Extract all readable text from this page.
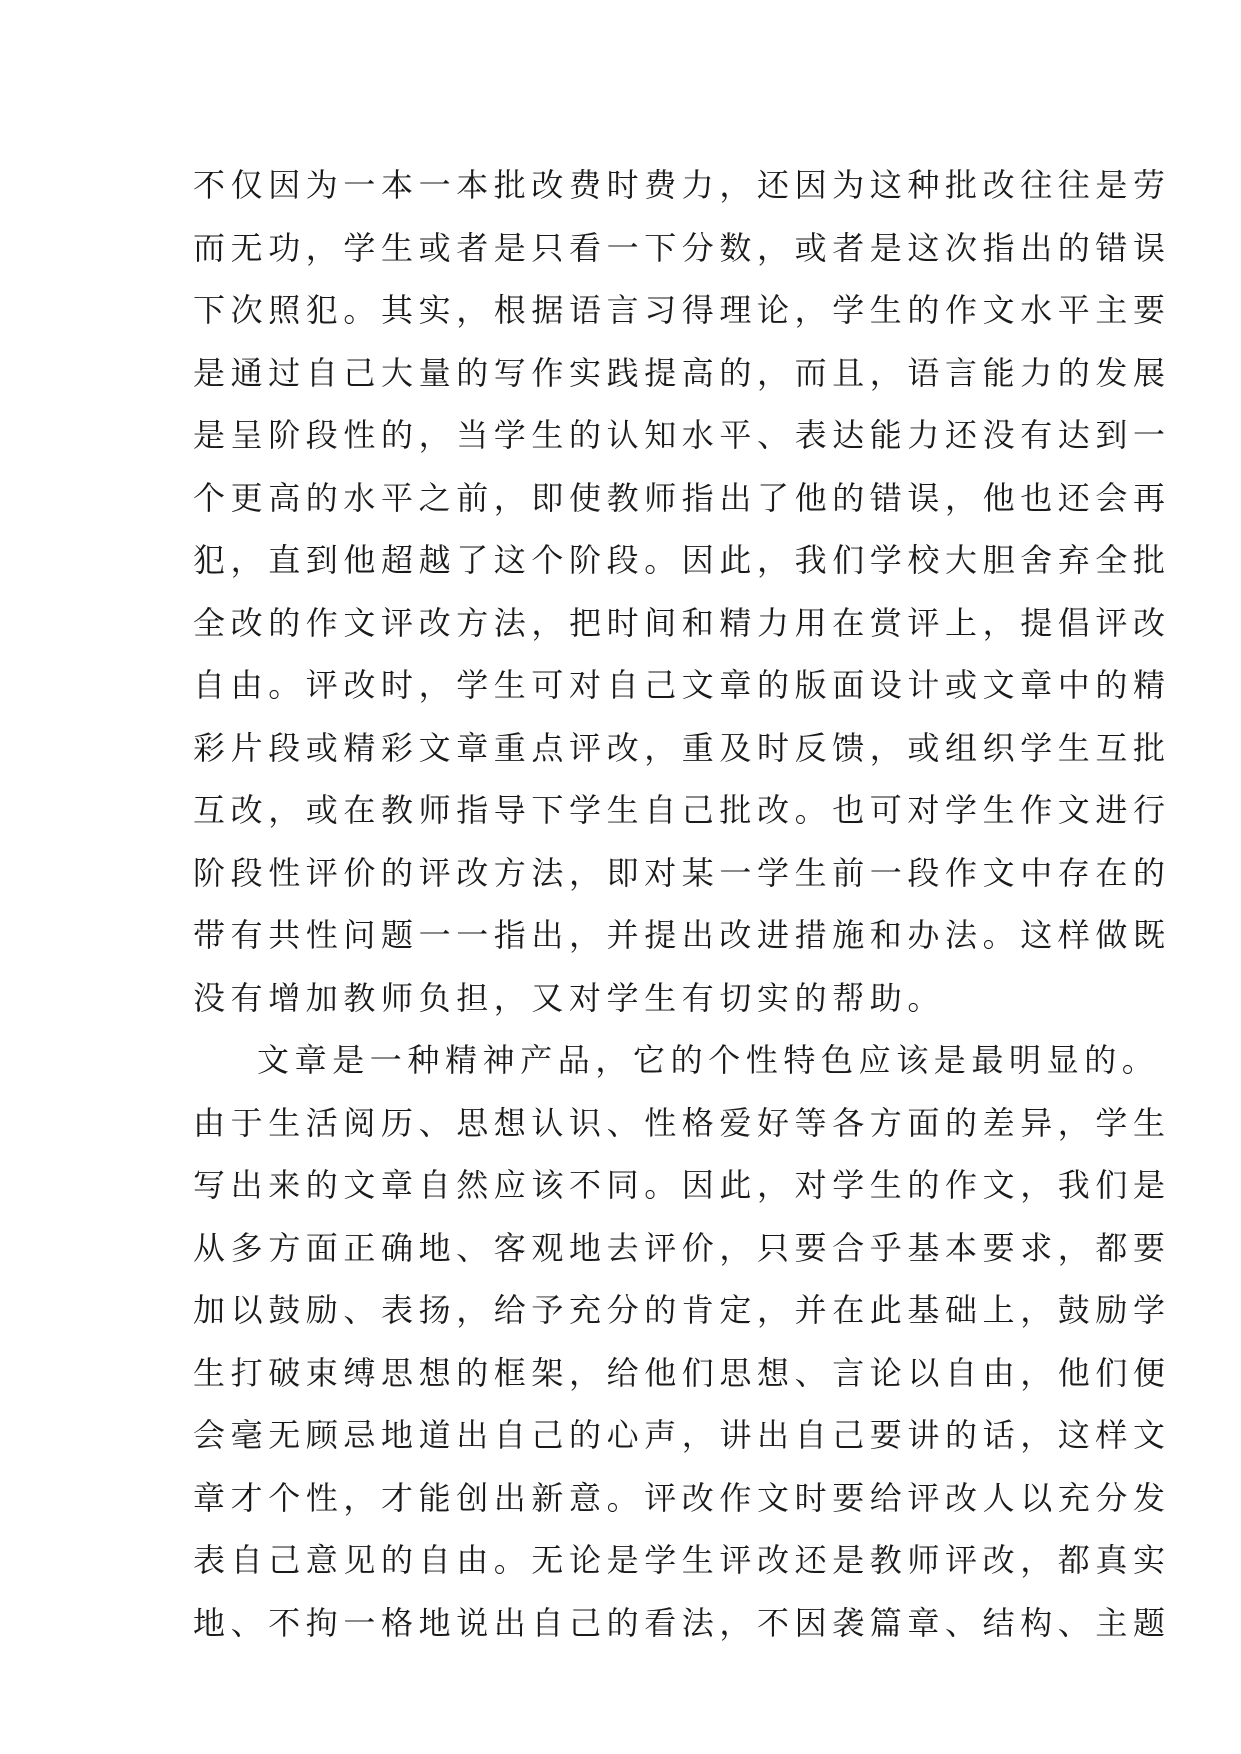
不仅因为一本一本批改费时费力，还因为这种批改往往是劳
而无功，学生或者是只看一下分数，或者是这次指出的错误
下次照犯。其实，根据语言习得理论，学生的作文水平主要
是通过自己大量的写作实践提高的，而且，语言能力的发展
是呈阶段性的，当学生的认知水平、表达能力还没有达到一
个更高的水平之前，即使教师指出了他的错误，他也还会再
犯，直到他超越了这个阶段。因此，我们学校大胆舍弃全批
全改的作文评改方法，把时间和精力用在赏评上，提倡评改
自由。评改时，学生可对自己文章的版面设计或文章中的精
彩片段或精彩文章重点评改，重及时反馈，或组织学生互批
互改，或在教师指导下学生自己批改。也可对学生作文进行
阶段性评价的评改方法，即对某一学生前一段作文中存在的
带有共性问题一一指出，并提出改进措施和办法。这样做既
没有增加教师负担，又对学生有切实的帮助。
文章是一种精神产品，它的个性特色应该是最明显的。
由于生活阅历、思想认识、性格爱好等各方面的差异，学生
写出来的文章自然应该不同。因此，对学生的作文，我们是
从多方面正确地、客观地去评价，只要合乎基本要求，都要
加以鼓励、表扬，给予充分的肯定，并在此基础上，鼓励学
生打破束缚思想的框架，给他们思想、言论以自由，他们便
会毫无顾忌地道出自己的心声，讲出自己要讲的话，这样文
章才个性，才能创出新意。评改作文时要给评改人以充分发
表自己意见的自由。无论是学生评改还是教师评改，都真实
地、不拘一格地说出自己的看法，不因袭篇章、结构、主题
